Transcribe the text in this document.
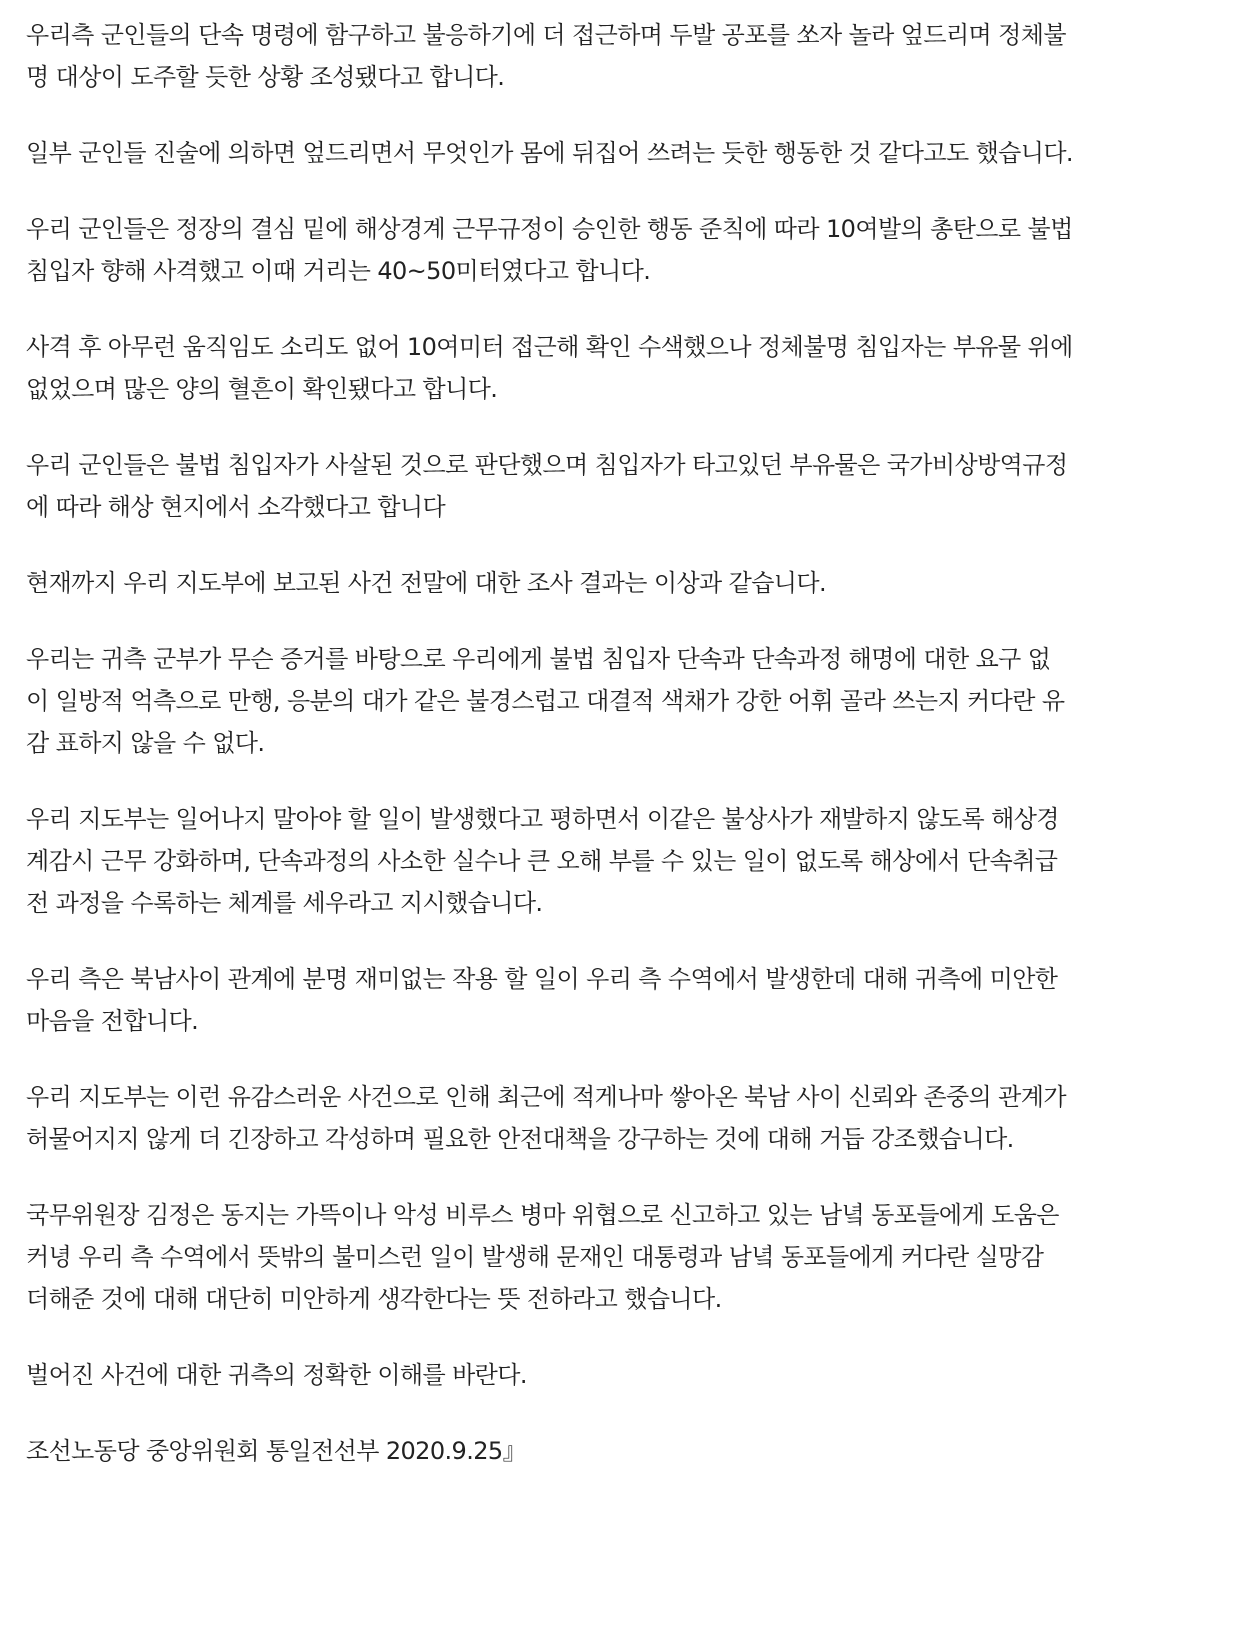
우리측 군인들의 단속 명령에 함구하고 불응하기에 더 접근하며 두발 공포를 쏘자 놀라 엎드리며 정체불
명 대상이 도주할 듯한 상황 조성됐다고 합니다.

일부 군인들 진술에 의하면 엎드리면서 무엇인가 몸에 뒤집어 쓰려는 듯한 행동한 것 같다고도 했습니다.

우리 군인들은 정장의 결심 밑에 해상경계 근무규정이 승인한 행동 준칙에 따라 10여발의 총탄으로 불법
침입자 향해 사격했고 이때 거리는 40~50미터였다고 합니다.

사격 후 아무런 움직임도 소리도 없어 10여미터 접근해 확인 수색했으나 정체불명 침입자는 부유물 위에
없었으며 많은 양의 혈흔이 확인됐다고 합니다.

우리 군인들은 불법 침입자가 사살된 것으로 판단했으며 침입자가 타고있던 부유물은 국가비상방역규정
에 따라 해상 현지에서 소각했다고 합니다

현재까지 우리 지도부에 보고된 사건 전말에 대한 조사 결과는 이상과 같습니다.

우리는 귀측 군부가 무슨 증거를 바탕으로 우리에게 불법 침입자 단속과 단속과정 해명에 대한 요구 없
이 일방적 억측으로 만행, 응분의 대가 같은 불경스럽고 대결적 색채가 강한 어휘 골라 쓰는지 커다란 유
감 표하지 않을 수 없다.

우리 지도부는 일어나지 말아야 할 일이 발생했다고 평하면서 이같은 불상사가 재발하지 않도록 해상경
계감시 근무 강화하며, 단속과정의 사소한 실수나 큰 오해 부를 수 있는 일이 없도록 해상에서 단속취급
전 과정을 수록하는 체계를 세우라고 지시했습니다.

우리 측은 북남사이 관계에 분명 재미없는 작용 할 일이 우리 측 수역에서 발생한데 대해 귀측에 미안한
마음을 전합니다.

우리 지도부는 이런 유감스러운 사건으로 인해 최근에 적게나마 쌓아온 북남 사이 신뢰와 존중의 관계가
허물어지지 않게 더 긴장하고 각성하며 필요한 안전대책을 강구하는 것에 대해 거듭 강조했습니다.

국무위원장 김정은 동지는 가뜩이나 악성 비루스 병마 위협으로 신고하고 있는 남녘 동포들에게 도움은
커녕 우리 측 수역에서 뜻밖의 불미스런 일이 발생해 문재인 대통령과 남녘 동포들에게 커다란 실망감
더해준 것에 대해 대단히 미안하게 생각한다는 뜻 전하라고 했습니다.

벌어진 사건에 대한 귀측의 정확한 이해를 바란다.

조선노동당 중앙위원회 통일전선부 2020.9.25』
